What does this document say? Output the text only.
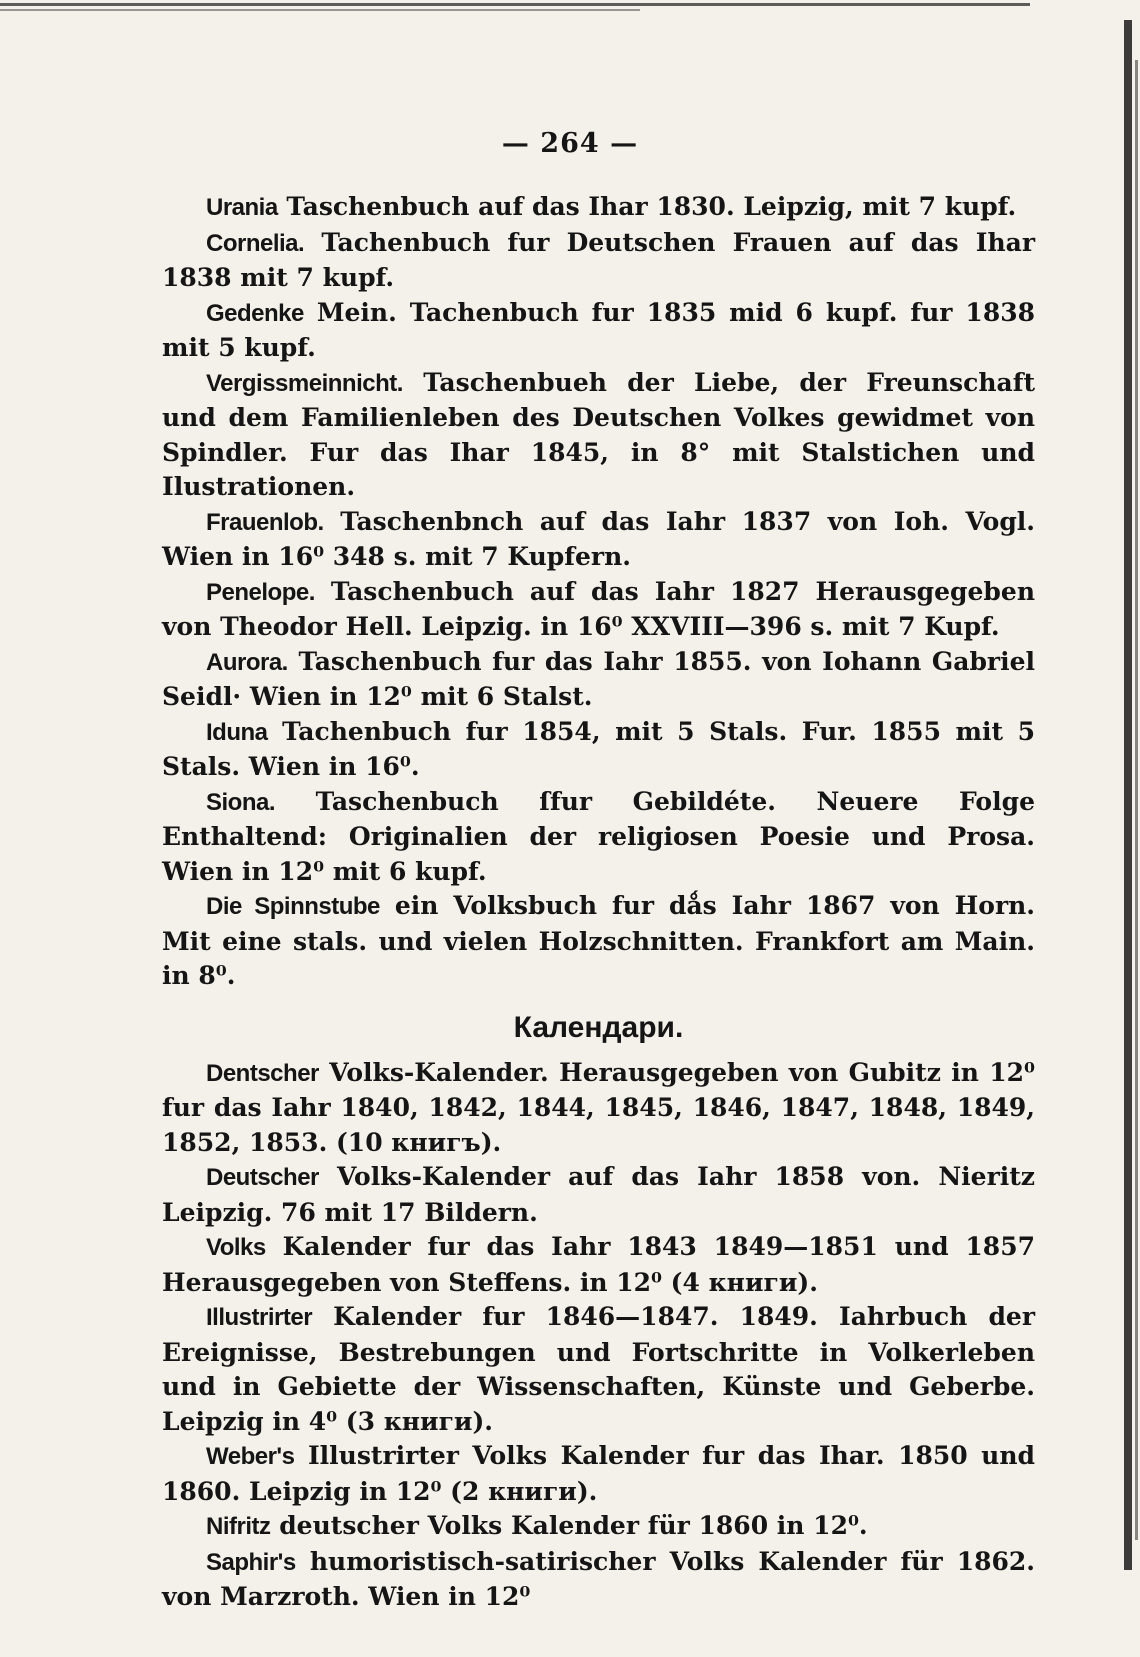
— 264 —

Urania Taschenbuch auf das Ihar 1830. Leipzig, mit 7 kupf.

Cornelia. Tachenbuch fur Deutschen Frauen auf das Ihar 1838 mit 7 kupf.

Gedenke Mein. Tachenbuch fur 1835 mid 6 kupf. fur 1838 mit 5 kupf.

Vergissmeinnicht. Taschenbueh der Liebe, der Freunschaft und dem Familienleben des Deutschen Volkes gewidmet von Spindler. Fur das Ihar 1845, in 8° mit Stalstichen und Ilustrationen.

Frauenlob. Taschenbnch auf das Iahr 1837 von Ioh. Vogl. Wien in 16⁰ 348 s. mit 7 Kupfern.

Penelope. Taschenbuch auf das Iahr 1827 Herausgegeben von Theodor Hell. Leipzig. in 16⁰ XXVIII—396 s. mit 7 Kupf.

Aurora. Taschenbuch fur das Iahr 1855. von Iohann Gabriel Seidl· Wien in 12⁰ mit 6 Stalst.

Iduna Tachenbuch fur 1854, mit 5 Stals. Fur. 1855 mit 5 Stals. Wien in 16⁰.

Siona. Taschenbuch ſfur Gebildéte. Neuere Folge Enthaltend: Originalien der religiosen Poesie und Prosa. Wien in 12⁰ mit 6 kupf.

Die Spinnstube ein Volksbuch fur dǻs Iahr 1867 von Horn. Mit eine stals. und vielen Holzschnitten. Frankfort am Main. in 8⁰.

Календари.

Dentscher Volks-Kalender. Herausgegeben von Gubitz in 12⁰ fur das Iahr 1840, 1842, 1844, 1845, 1846, 1847, 1848, 1849, 1852, 1853. (10 книгъ).

Deutscher Volks-Kalender auf das Iahr 1858 von. Nieritz Leipzig. 76 mit 17 Bildern.

Volks Kalender fur das Iahr 1843 1849—1851 und 1857 Herausgegeben von Steffens. in 12⁰ (4 книги).

Illustrirter Kalender fur 1846—1847. 1849. Iahrbuch der Ereignisse, Bestrebungen und Fortschritte in Volkerleben und in Gebiette der Wissenschaften, Künste und Geberbe. Leipzig in 4⁰ (3 книги).

Weber's Illustrirter Volks Kalender fur das Ihar. 1850 und 1860. Leipzig in 12⁰ (2 книги).

Nifritz deutscher Volks Kalender für 1860 in 12⁰.

Saphir's humoristisch-satirischer Volks Kalender für 1862. von Marzroth. Wien in 12⁰
